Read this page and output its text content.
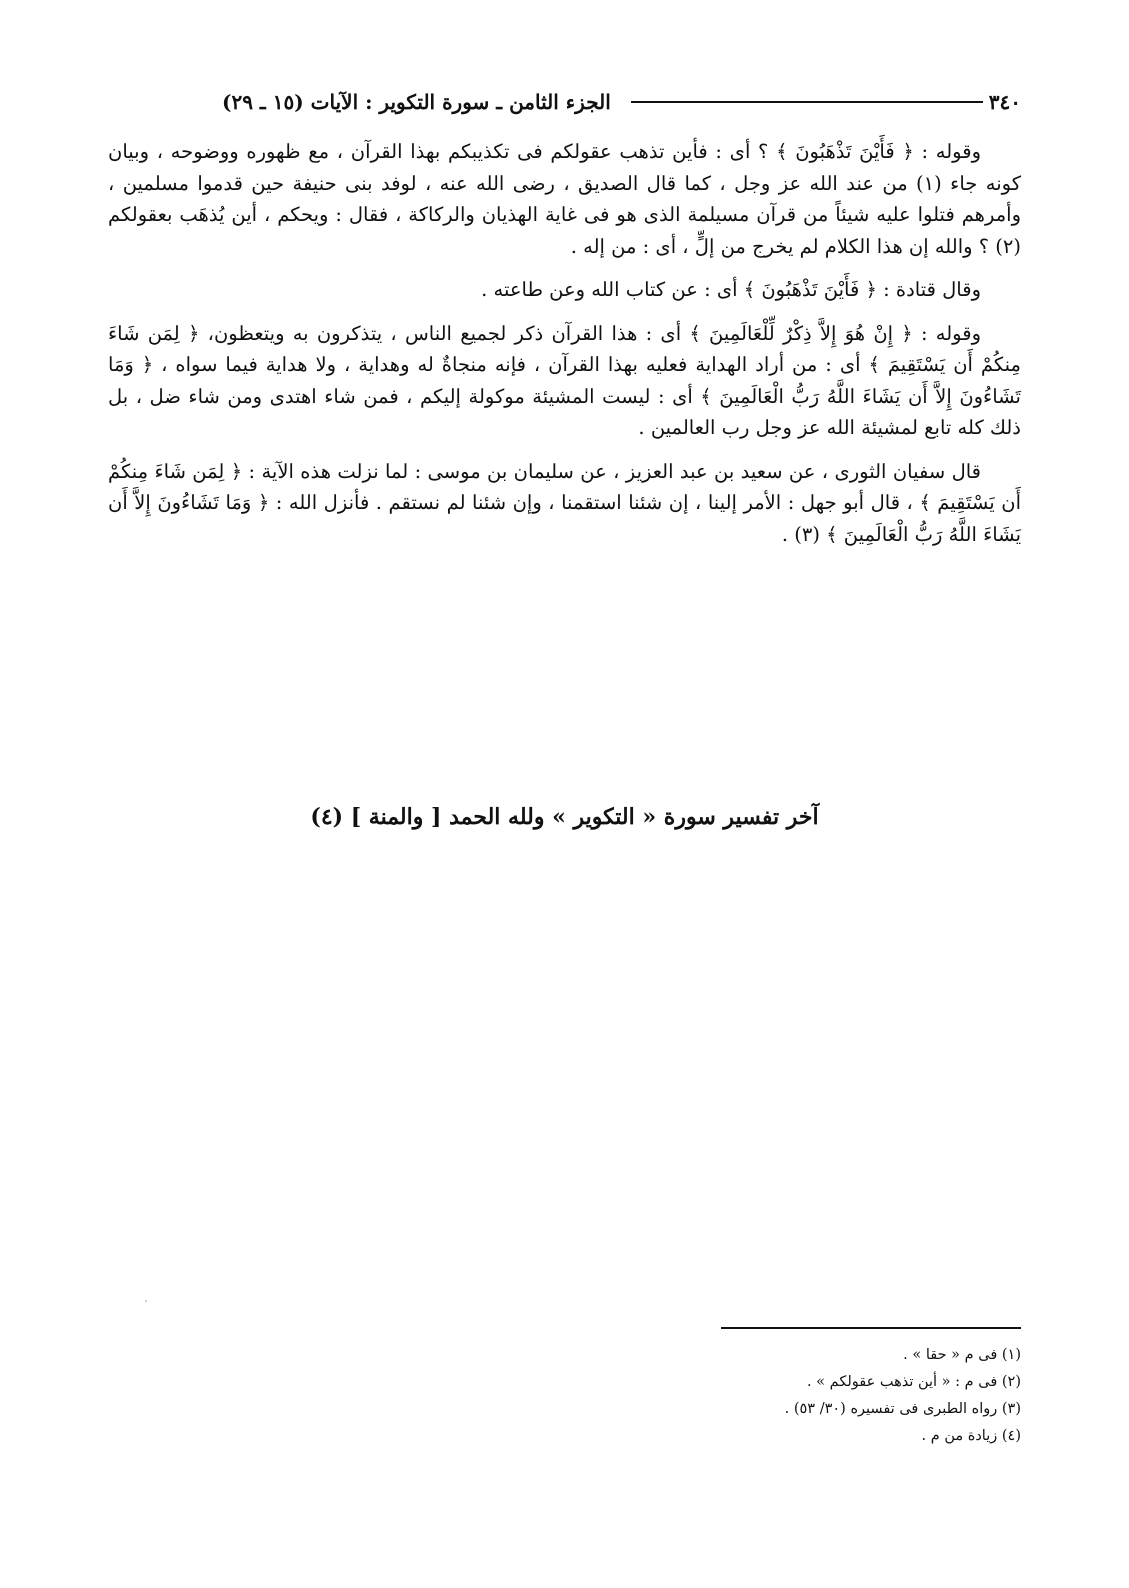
٣٤٠
الجزء الثامن ـ سورة التكوير : الآيات (١٥ ـ ٢٩)

وقوله : ﴿ فَأَيْنَ تَذْهَبُونَ ﴾ ؟ أى : فأين تذهب عقولكم فى تكذيبكم بهذا القرآن ، مع ظهوره ووضوحه ، وبيان كونه جاء (١) من عند الله عز وجل ، كما قال الصديق ، رضى الله عنه ، لوفد بنى حنيفة حين قدموا مسلمين ، وأمرهم فتلوا عليه شيئاً من قرآن مسيلمة الذى هو فى غاية الهذيان والركاكة ، فقال : ويحكم ، أين يُذهَب بعقولكم (٢) ؟ والله إن هذا الكلام لم يخرج من إلٍّ ، أى : من إله .

وقال قتادة : ﴿ فَأَيْنَ تَذْهَبُونَ ﴾ أى : عن كتاب الله وعن طاعته .

وقوله : ﴿ إِنْ هُوَ إِلاَّ ذِكْرٌ لِّلْعَالَمِينَ ﴾ أى : هذا القرآن ذكر لجميع الناس ، يتذكرون به ويتعظون، ﴿ لِمَن شَاءَ مِنكُمْ أَن يَسْتَقِيمَ ﴾ أى : من أراد الهداية فعليه بهذا القرآن ، فإنه منجاةٌ له وهداية ، ولا هداية فيما سواه ، ﴿ وَمَا تَشَاءُونَ إِلاَّ أَن يَشَاءَ اللَّهُ رَبُّ الْعَالَمِينَ ﴾ أى : ليست المشيئة موكولة إليكم ، فمن شاء اهتدى ومن شاء ضل ، بل ذلك كله تابع لمشيئة الله عز وجل رب العالمين .

قال سفيان الثورى ، عن سعيد بن عبد العزيز ، عن سليمان بن موسى : لما نزلت هذه الآية : ﴿ لِمَن شَاءَ مِنكُمْ أَن يَسْتَقِيمَ ﴾ ، قال أبو جهل : الأمر إلينا ، إن شئنا استقمنا ، وإن شئنا لم نستقم . فأنزل الله : ﴿ وَمَا تَشَاءُونَ إِلاَّ أَن يَشَاءَ اللَّهُ رَبُّ الْعَالَمِينَ ﴾ (٣) .

آخر تفسير سورة « التكوير » ولله الحمد [ والمنة ] (٤)
(١) فى م « حقا » .
(٢) فى م : « أين تذهب عقولكم » .
(٣) رواه الطبرى فى تفسيره (٣٠/ ٥٣) .
(٤) زيادة من م .
